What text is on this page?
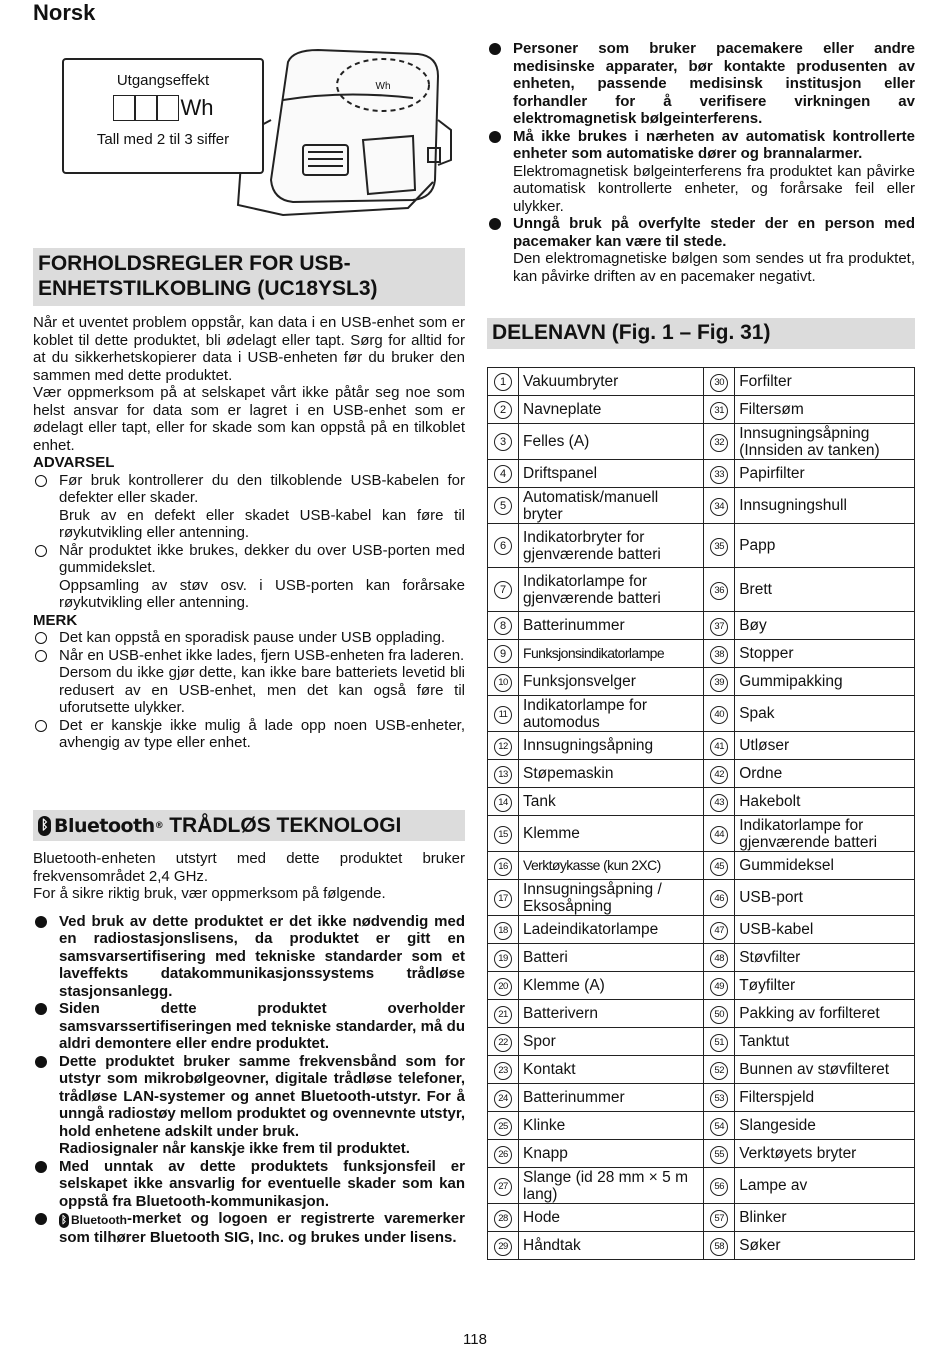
Norsk
Wh
Utgangseffekt
Wh
Tall med 2 til 3 siffer
FORHOLDSREGLER FOR USB-ENHETSTILKOBLING (UC18YSL3)

Når et uventet problem oppstår, kan data i en USB-enhet som er koblet til dette produktet, bli ødelagt eller tapt. Sørg for alltid for at du sikkerhetskopierer data i USB-enheten før du bruker den sammen med dette produktet.

Vær oppmerksom på at selskapet vårt ikke påtår seg noe som helst ansvar for data som er lagret i en USB-enhet som er ødelagt eller tapt, eller for skade som kan oppstå på en tilkoblet enhet.

ADVARSEL
Før bruk kontrollerer du den tilkoblende USB-kabelen for defekter eller skader.
Bruk av en defekt eller skadet USB-kabel kan føre til røykutvikling eller antenning.
Når produktet ikke brukes, dekker du over USB-porten med gummidekslet.
Oppsamling av støv osv. i USB-porten kan forårsake røykutvikling eller antenning.
MERK
Det kan oppstå en sporadisk pause under USB opplading.
Når en USB-enhet ikke lades, fjern USB-enheten fra laderen.
Dersom du ikke gjør dette, kan ikke bare batteriets levetid bli redusert av en USB-enhet, men det kan også føre til uforutsette ulykker.
Det er kanskje ikke mulig å lade opp noen USB-enheter, avhengig av type eller enhet.
ᛒ Bluetooth ® TRÅDLØS TEKNOLOGI

Bluetooth-enheten utstyrt med dette produktet bruker frekvensområdet 2,4 GHz.

For å sikre riktig bruk, vær oppmerksom på følgende.

Ved bruk av dette produktet er det ikke nødvendig med en radiostasjonslisens, da produktet er gitt en samsvarsertifisering med tekniske standarder som et laveffekts datakommunikasjonssystems trådløse stasjonsanlegg.
Siden dette produktet overholder samsvarssertifiseringen med tekniske standarder, må du aldri demontere eller endre produktet.
Dette produktet bruker samme frekvensbånd som for utstyr som mikrobølgeovner, digitale trådløse telefoner, trådløse LAN-systemer og annet Bluetooth-utstyr. For å unngå radiostøy mellom produktet og ovennevnte utstyr, hold enhetene adskilt under bruk.
Radiosignaler når kanskje ikke frem til produktet.
Med unntak av dette produktets funksjonsfeil er selskapet ikke ansvarlig for eventuelle skader som kan oppstå fra Bluetooth-kommunikasjon.
ᛒ Bluetooth -merket og logoen er registrerte varemerker som tilhører Bluetooth SIG, Inc. og brukes under lisens.
Personer som bruker pacemakere eller andre medisinske apparater, bør kontakte produsenten av enheten, passende medisinsk institusjon eller forhandler for å verifisere virkningen av elektromagnetisk bølgeinterferens.
Må ikke brukes i nærheten av automatisk kontrollerte enheter som automatiske dører og brannalarmer.
Elektromagnetisk bølgeinterferens fra produktet kan påvirke automatisk kontrollerte enheter, og forårsake feil eller ulykker.
Unngå bruk på overfylte steder der en person med pacemaker kan være til stede.
Den elektromagnetiske bølgen som sendes ut fra produktet, kan påvirke driften av en pacemaker negativt.
DELENAVN (Fig. 1 – Fig. 31)
1	Vakuumbryter	30	Forfilter
2	Navneplate	31	Filtersøm
3	Felles (A)	32	Innsugningsåpning (Innsiden av tanken)
4	Driftspanel	33	Papirfilter
5	Automatisk/manuell bryter	34	Innsugningshull
6	Indikatorbryter for gjenværende batteri	35	Papp
7	Indikatorlampe for gjenværende batteri	36	Brett
8	Batterinummer	37	Bøy
9	Funksjonsindikatorlampe	38	Stopper
10	Funksjonsvelger	39	Gummipakking
11	Indikatorlampe for automodus	40	Spak
12	Innsugningsåpning	41	Utløser
13	Støpemaskin	42	Ordne
14	Tank	43	Hakebolt
15	Klemme	44	Indikatorlampe for gjenværende batteri
16	Verktøykasse (kun 2XC)	45	Gummideksel
17	Innsugningsåpning / Eksosåpning	46	USB-port
18	Ladeindikatorlampe	47	USB-kabel
19	Batteri	48	Støvfilter
20	Klemme (A)	49	Tøyfilter
21	Batterivern	50	Pakking av forfilteret
22	Spor	51	Tanktut
23	Kontakt	52	Bunnen av støvfilteret
24	Batterinummer	53	Filterspjeld
25	Klinke	54	Slangeside
26	Knapp	55	Verktøyets bryter
27	Slange (id 28 mm × 5 m lang)	56	Lampe av
28	Hode	57	Blinker
29	Håndtak	58	Søker
118
